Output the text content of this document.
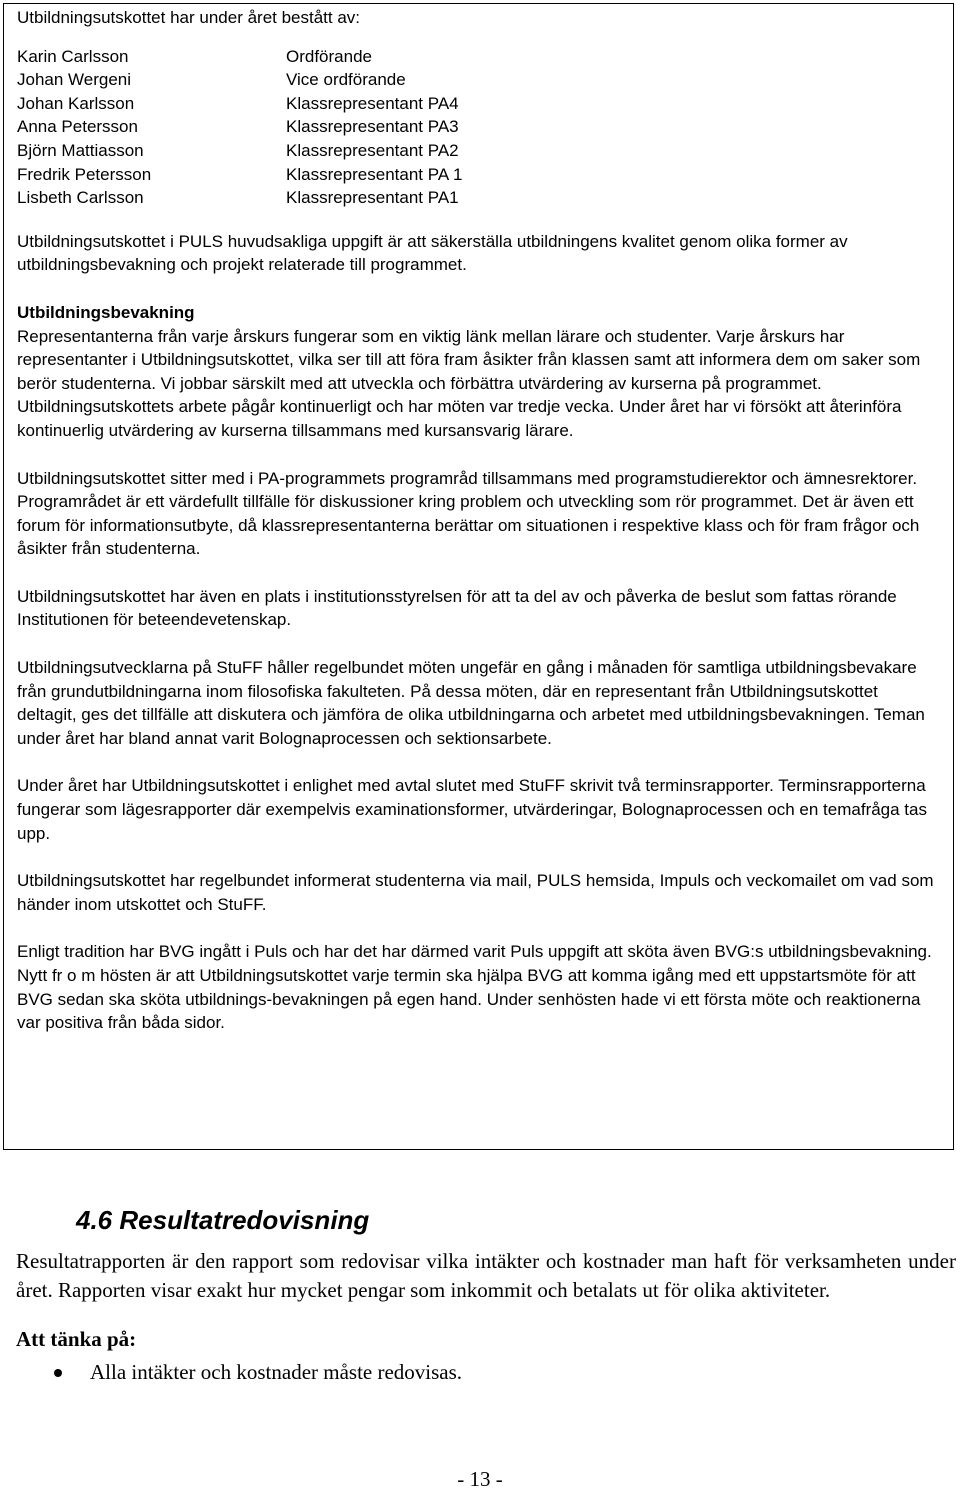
Utbildningsutskottet har under året bestått av:

Karin Carlsson	Ordförande
Johan Wergeni	Vice ordförande
Johan Karlsson	Klassrepresentant PA4
Anna Petersson	Klassrepresentant PA3
Björn Mattiasson	Klassrepresentant PA2
Fredrik Petersson	Klassrepresentant PA 1
Lisbeth Carlsson	Klassrepresentant PA1

Utbildningsutskottet i PULS huvudsakliga uppgift är att säkerställa utbildningens kvalitet genom olika former av utbildningsbevakning och projekt relaterade till programmet.

Utbildningsbevakning

Representanterna från varje årskurs fungerar som en viktig länk mellan lärare och studenter. Varje årskurs har representanter i Utbildningsutskottet, vilka ser till att föra fram åsikter från klassen samt att informera dem om saker som berör studenterna. Vi jobbar särskilt med att utveckla och förbättra utvärdering av kurserna på programmet. Utbildningsutskottets arbete pågår kontinuerligt och har möten var tredje vecka. Under året har vi försökt att återinföra kontinuerlig utvärdering av kurserna tillsammans med kursansvarig lärare.

Utbildningsutskottet sitter med i PA-programmets programråd tillsammans med programstudierektor och ämnesrektorer. Programrådet är ett värdefullt tillfälle för diskussioner kring problem och utveckling som rör programmet. Det är även ett forum för informationsutbyte, då klassrepresentanterna berättar om situationen i respektive klass och för fram frågor och åsikter från studenterna.

Utbildningsutskottet har även en plats i institutionsstyrelsen för att ta del av och påverka de beslut som fattas rörande Institutionen för beteendevetenskap.

Utbildningsutvecklarna på StuFF håller regelbundet möten ungefär en gång i månaden för samtliga utbildningsbevakare från grundutbildningarna inom filosofiska fakulteten. På dessa möten, där en representant från Utbildningsutskottet deltagit, ges det tillfälle att diskutera och jämföra de olika utbildningarna och arbetet med utbildningsbevakningen. Teman under året har bland annat varit Bolognaprocessen och sektionsarbete.

Under året har Utbildningsutskottet i enlighet med avtal slutet med StuFF skrivit två terminsrapporter. Terminsrapporterna fungerar som lägesrapporter där exempelvis examinationsformer, utvärderingar, Bolognaprocessen och en temafråga tas upp.

Utbildningsutskottet har regelbundet informerat studenterna via mail, PULS hemsida, Impuls och veckomailet om vad som händer inom utskottet och StuFF.

Enligt tradition har BVG ingått i Puls och har det har därmed varit Puls uppgift att sköta även BVG:s utbildningsbevakning. Nytt fr o m hösten är att Utbildningsutskottet varje termin ska hjälpa BVG att komma igång med ett uppstartsmöte för att BVG sedan ska sköta utbildnings-bevakningen på egen hand. Under senhösten hade vi ett första möte och reaktionerna var positiva från båda sidor.

4.6 Resultatredovisning

Resultatrapporten är den rapport som redovisar vilka intäkter och kostnader man haft för verksamheten under året. Rapporten visar exakt hur mycket pengar som inkommit och betalats ut för olika aktiviteter.

Att tänka på:

Alla intäkter och kostnader måste redovisas.
- 13 -
